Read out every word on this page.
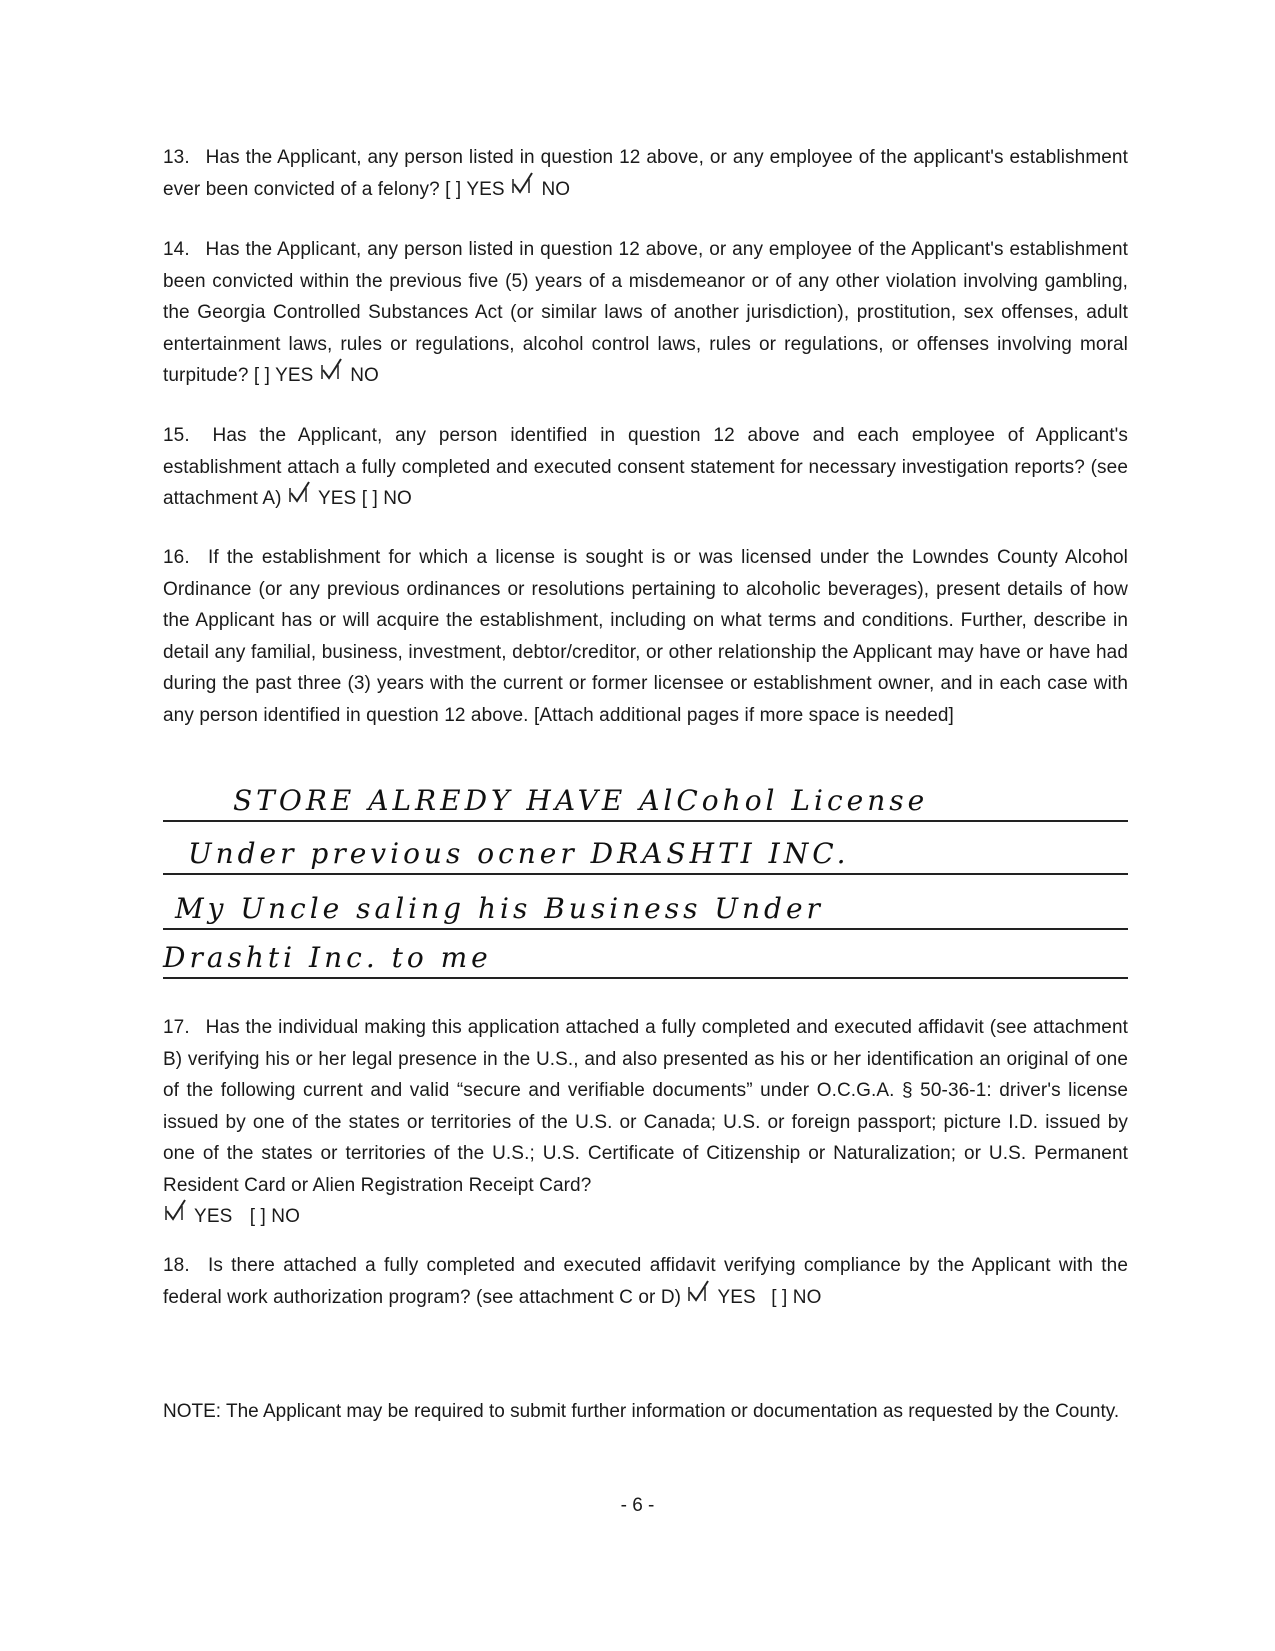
13. Has the Applicant, any person listed in question 12 above, or any employee of the applicant's establishment ever been convicted of a felony? [ ] YES NO
14. Has the Applicant, any person listed in question 12 above, or any employee of the Applicant's establishment been convicted within the previous five (5) years of a misdemeanor or of any other violation involving gambling, the Georgia Controlled Substances Act (or similar laws of another jurisdiction), prostitution, sex offenses, adult entertainment laws, rules or regulations, alcohol control laws, rules or regulations, or offenses involving moral turpitude? [ ] YES NO
15. Has the Applicant, any person identified in question 12 above and each employee of Applicant's establishment attach a fully completed and executed consent statement for necessary investigation reports? (see attachment A) YES [ ] NO
16. If the establishment for which a license is sought is or was licensed under the Lowndes County Alcohol Ordinance (or any previous ordinances or resolutions pertaining to alcoholic beverages), present details of how the Applicant has or will acquire the establishment, including on what terms and conditions. Further, describe in detail any familial, business, investment, debtor/creditor, or other relationship the Applicant may have or have had during the past three (3) years with the current or former licensee or establishment owner, and in each case with any person identified in question 12 above. [Attach additional pages if more space is needed]
STORE ALREDY HAVE AlCohol License
Under previous ocner DRASHTI INC.
My Uncle saling his Business Under
Drashti Inc. to me
17. Has the individual making this application attached a fully completed and executed affidavit (see attachment B) verifying his or her legal presence in the U.S., and also presented as his or her identification an original of one of the following current and valid “secure and verifiable documents” under O.C.G.A. § 50-36-1: driver's license issued by one of the states or territories of the U.S. or Canada; U.S. or foreign passport; picture I.D. issued by one of the states or territories of the U.S.; U.S. Certificate of Citizenship or Naturalization; or U.S. Permanent Resident Card or Alien Registration Receipt Card?

YES [ ] NO
18. Is there attached a fully completed and executed affidavit verifying compliance by the Applicant with the federal work authorization program? (see attachment C or D) YES [ ] NO
NOTE: The Applicant may be required to submit further information or documentation as requested by the County.
- 6 -
